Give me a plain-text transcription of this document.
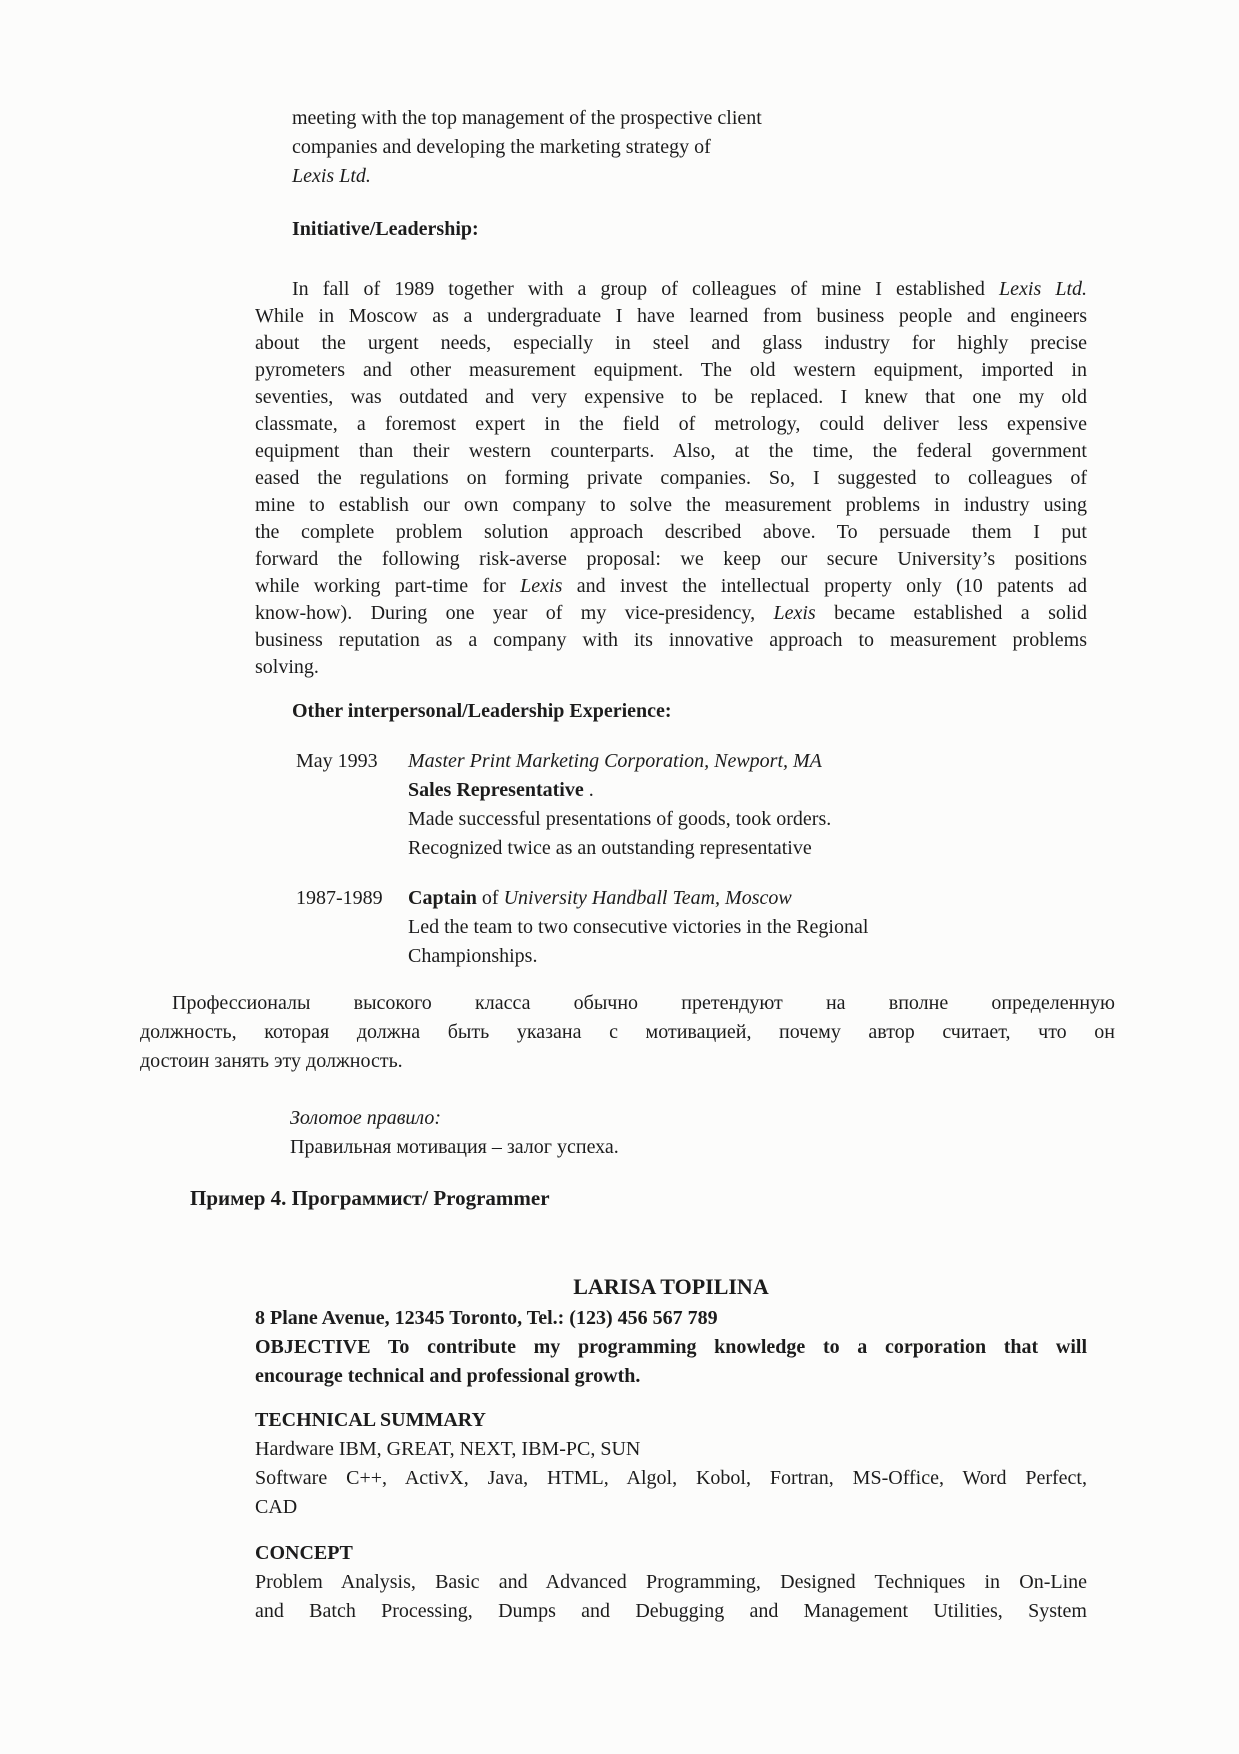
meeting with the top management of the prospective client
companies and developing the marketing strategy of
Lexis Ltd.
Initiative/Leadership:
In fall of 1989 together with a group of colleagues of mine I established Lexis Ltd.
While in Moscow as a undergraduate I have learned from business people and engineers
about the urgent needs, especially in steel and glass industry for highly precise
pyrometers and other measurement equipment. The old western equipment, imported in
seventies, was outdated and very expensive to be replaced. I knew that one my old
classmate, a foremost expert in the field of metrology, could deliver less expensive
equipment than their western counterparts. Also, at the time, the federal government
eased the regulations on forming private companies. So, I suggested to colleagues of
mine to establish our own company to solve the measurement problems in industry using
the complete problem solution approach described above. To persuade them I put
forward the following risk-averse proposal: we keep our secure University’s positions
while working part-time for Lexis and invest the intellectual property only (10 patents ad
know-how). During one year of my vice-presidency, Lexis became established a solid
business reputation as a company with its innovative approach to measurement problems
solving.
Other interpersonal/Leadership Experience:
May 1993	Master Print Marketing Corporation, Newport, MA
Sales Representative .
Made successful presentations of goods, took orders.
Recognized twice as an outstanding representative
1987-1989	Captain of University Handball Team, Moscow
Led the team to two consecutive victories in the Regional
Championships.
Профессионалы высокого класса обычно претендуют на вполне определенную
должность, которая должна быть указана с мотивацией, почему автор считает, что он
достоин занять эту должность.
Золотое правило:
Правильная мотивация – залог успеха.
Пример 4. Программист/ Programmer
LARISA TOPILINA
8 Plane Avenue, 12345 Toronto, Tel.: (123) 456 567 789
OBJECTIVE To contribute my programming knowledge to a corporation that will
encourage technical and professional growth.
TECHNICAL SUMMARY
Hardware IBM, GREAT, NEXT, IBM-PC, SUN
Software C++, ActivX, Java, HTML, Algol, Kobol, Fortran, MS-Office, Word Perfect,
CAD
CONCEPT
Problem Analysis, Basic and Advanced Programming, Designed Techniques in On-Line
and Batch Processing, Dumps and Debugging and Management Utilities, System
